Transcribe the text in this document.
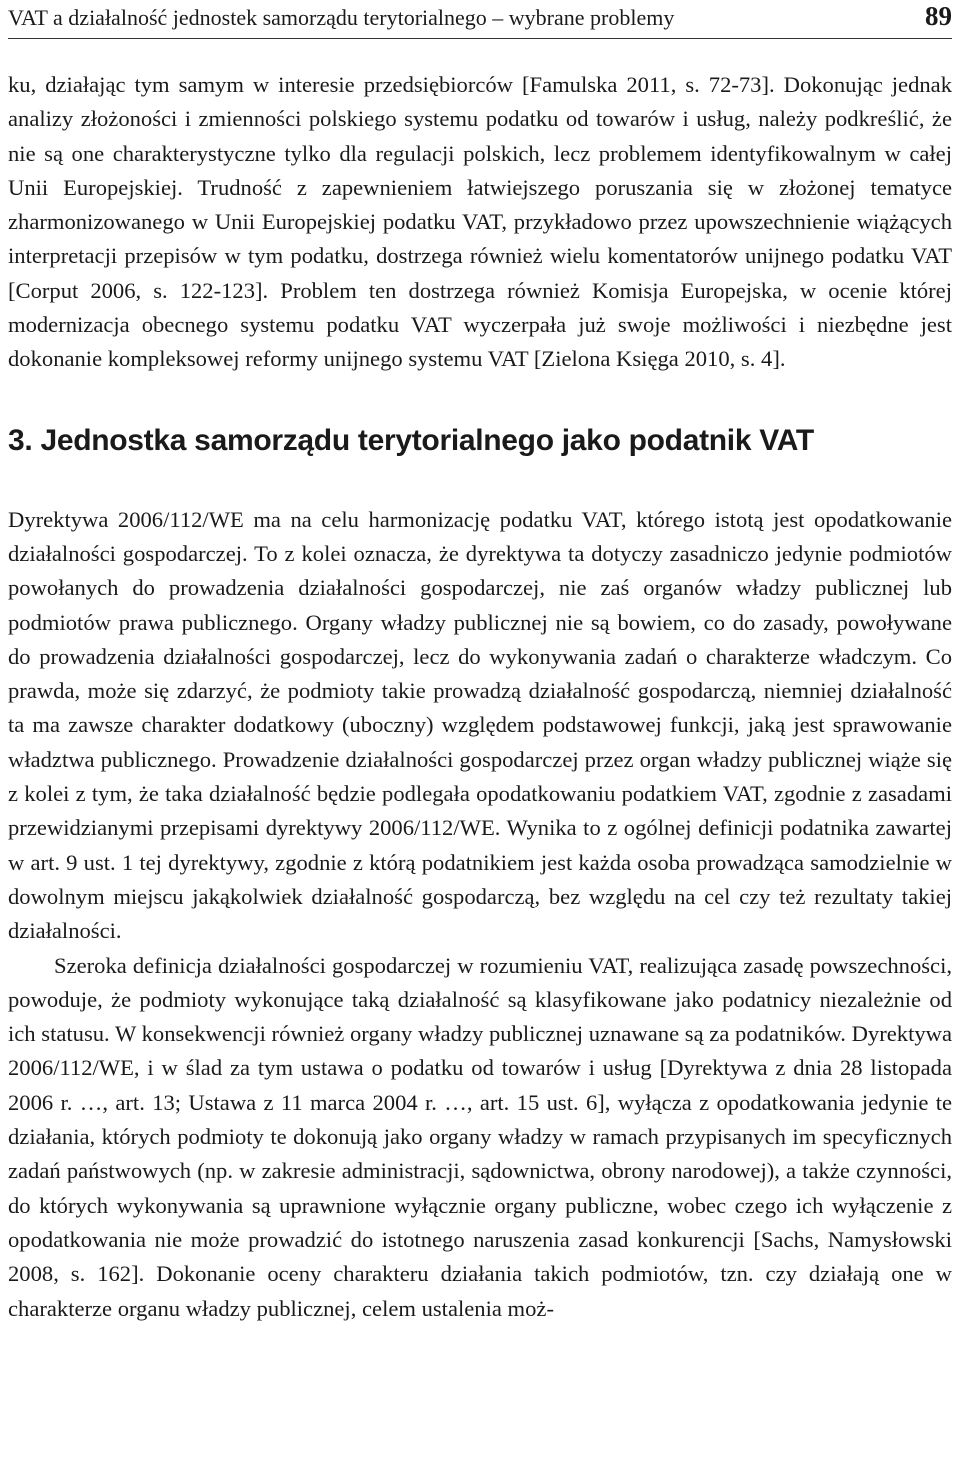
VAT a działalność jednostek samorządu terytorialnego – wybrane problemy	89

ku, działając tym samym w interesie przedsiębiorców [Famulska 2011, s. 72-73]. Dokonując jednak analizy złożoności i zmienności polskiego systemu podatku od towarów i usług, należy podkreślić, że nie są one charakterystyczne tylko dla regulacji polskich, lecz problemem identyfikowalnym w całej Unii Europejskiej. Trudność z zapewnieniem łatwiejszego poruszania się w złożonej tematyce zharmonizowanego w Unii Europejskiej podatku VAT, przykładowo przez upowszechnienie wiążących interpretacji przepisów w tym podatku, dostrzega również wielu komentatorów unijnego podatku VAT [Corput 2006, s. 122-123]. Problem ten dostrzega również Komisja Europejska, w ocenie której modernizacja obecnego systemu podatku VAT wyczerpała już swoje możliwości i niezbędne jest dokonanie kompleksowej reformy unijnego systemu VAT [Zielona Księga 2010, s. 4].

3. Jednostka samorządu terytorialnego jako podatnik VAT

Dyrektywa 2006/112/WE ma na celu harmonizację podatku VAT, którego istotą jest opodatkowanie działalności gospodarczej. To z kolei oznacza, że dyrektywa ta dotyczy zasadniczo jedynie podmiotów powołanych do prowadzenia działalności gospodarczej, nie zaś organów władzy publicznej lub podmiotów prawa publicznego. Organy władzy publicznej nie są bowiem, co do zasady, powoływane do prowadzenia działalności gospodarczej, lecz do wykonywania zadań o charakterze władczym. Co prawda, może się zdarzyć, że podmioty takie prowadzą działalność gospodarczą, niemniej działalność ta ma zawsze charakter dodatkowy (uboczny) względem podstawowej funkcji, jaką jest sprawowanie władztwa publicznego. Prowadzenie działalności gospodarczej przez organ władzy publicznej wiąże się z kolei z tym, że taka działalność będzie podlegała opodatkowaniu podatkiem VAT, zgodnie z zasadami przewidzianymi przepisami dyrektywy 2006/112/WE. Wynika to z ogólnej definicji podatnika zawartej w art. 9 ust. 1 tej dyrektywy, zgodnie z którą podatnikiem jest każda osoba prowadząca samodzielnie w dowolnym miejscu jakąkolwiek działalność gospodarczą, bez względu na cel czy też rezultaty takiej działalności.

Szeroka definicja działalności gospodarczej w rozumieniu VAT, realizująca zasadę powszechności, powoduje, że podmioty wykonujące taką działalność są klasyfikowane jako podatnicy niezależnie od ich statusu. W konsekwencji również organy władzy publicznej uznawane są za podatników. Dyrektywa 2006/112/WE, i w ślad za tym ustawa o podatku od towarów i usług [Dyrektywa z dnia 28 listopada 2006 r. …, art. 13; Ustawa z 11 marca 2004 r. …, art. 15 ust. 6], wyłącza z opodatkowania jedynie te działania, których podmioty te dokonują jako organy władzy w ramach przypisanych im specyficznych zadań państwowych (np. w zakresie administracji, sądownictwa, obrony narodowej), a także czynności, do których wykonywania są uprawnione wyłącznie organy publiczne, wobec czego ich wyłączenie z opodatkowania nie może prowadzić do istotnego naruszenia zasad konkurencji [Sachs, Namysłowski 2008, s. 162]. Dokonanie oceny charakteru działania takich podmiotów, tzn. czy działają one w charakterze organu władzy publicznej, celem ustalenia moż-
